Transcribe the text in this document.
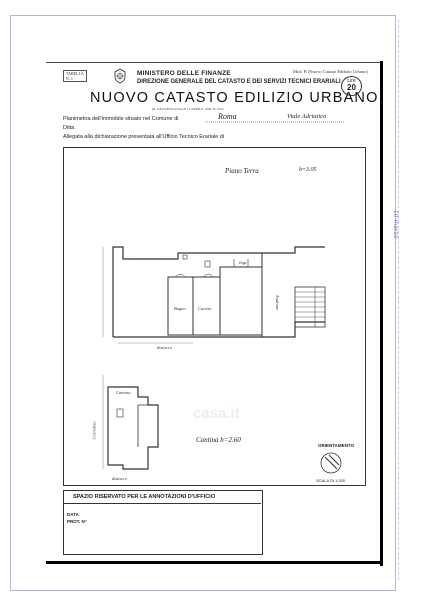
10 marzo
TABELLA
N. 1
MINISTERO DELLE FINANZE
DIREZIONE GENERALE DEL CATASTO E DEI SERVIZI TECNICI ERARIALI
NUOVO CATASTO EDILIZIO URBANO
(R. DECRETO-LEGGE 13 APRILE 1939, N. 652)
Mod. B (Nuovo Catasto Edilizio Urbano)
Lire
20
Planimetria dell'immobile situato nel Comune di	Roma	Viale Adriatico
Ditta
Allegata alla dichiarazione presentata all'Ufficio Tecnico Erariale di
Piano Terra	h=3.05
Bagno	Cucina
Ingr.
Androne
distacco
Cantina
Corridoio
distacco
Cantina h=2.60
casa.it
ORIENTAMENTO
SCALA DI 1:200
SPAZIO RISERVATO PER LE ANNOTAZIONI D'UFFICIO
DATA
PROT. N°
